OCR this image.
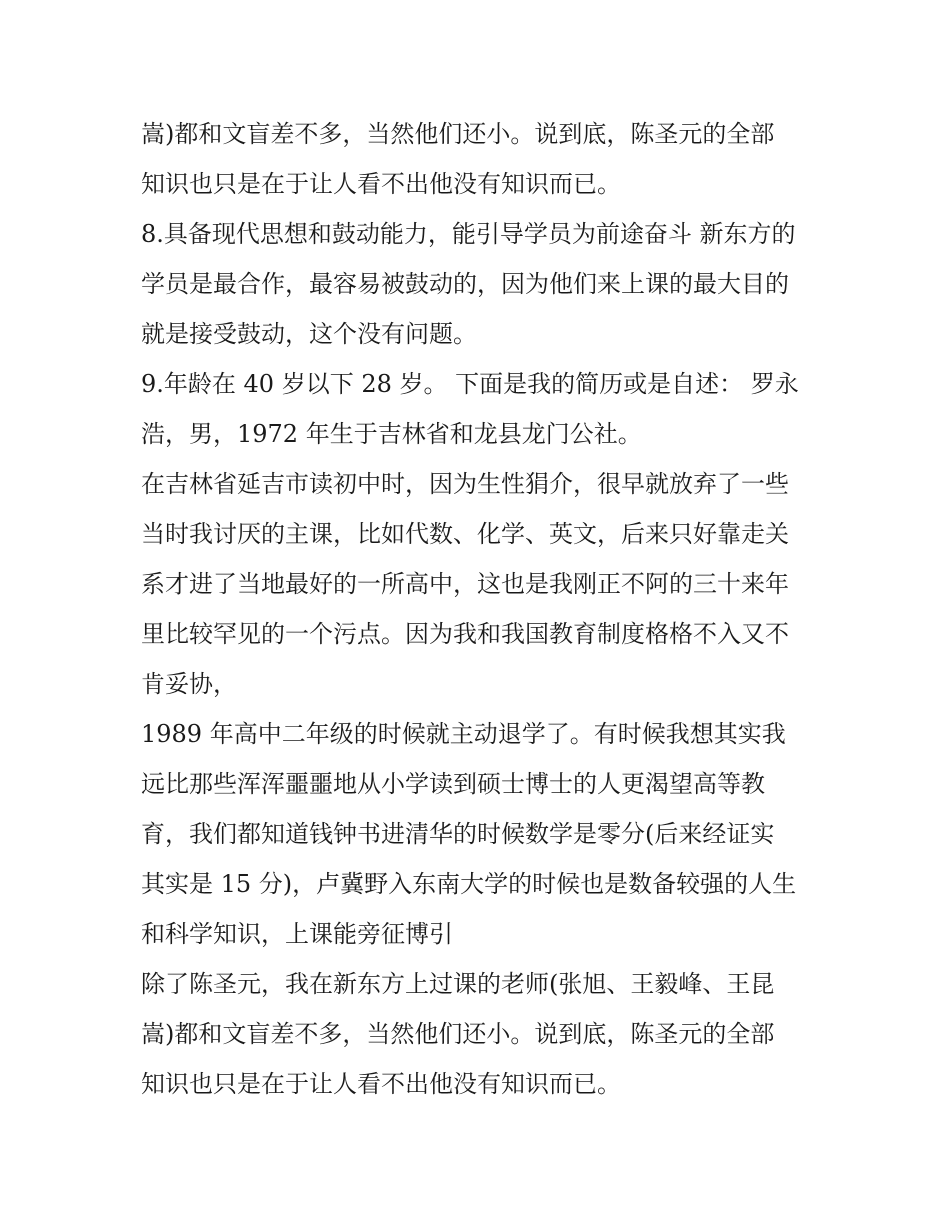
嵩)都和文盲差不多，当然他们还小。说到底，陈圣元的全部
知识也只是在于让人看不出他没有知识而已。
8.具备现代思想和鼓动能力，能引导学员为前途奋斗 新东方的
学员是最合作，最容易被鼓动的，因为他们来上课的最大目的
就是接受鼓动，这个没有问题。
9.年龄在 40 岁以下 28 岁。 下面是我的简历或是自述： 罗永
浩，男，1972 年生于吉林省和龙县龙门公社。
在吉林省延吉市读初中时，因为生性狷介，很早就放弃了一些
当时我讨厌的主课，比如代数、化学、英文，后来只好靠走关
系才进了当地最好的一所高中，这也是我刚正不阿的三十来年
里比较罕见的一个污点。因为我和我国教育制度格格不入又不
肯妥协，
1989 年高中二年级的时候就主动退学了。有时候我想其实我
远比那些浑浑噩噩地从小学读到硕士博士的人更渴望高等教
育，我们都知道钱钟书进清华的时候数学是零分(后来经证实
其实是 15 分)，卢冀野入东南大学的时候也是数备较强的人生
和科学知识，上课能旁征博引
除了陈圣元，我在新东方上过课的老师(张旭、王毅峰、王昆
嵩)都和文盲差不多，当然他们还小。说到底，陈圣元的全部
知识也只是在于让人看不出他没有知识而已。
